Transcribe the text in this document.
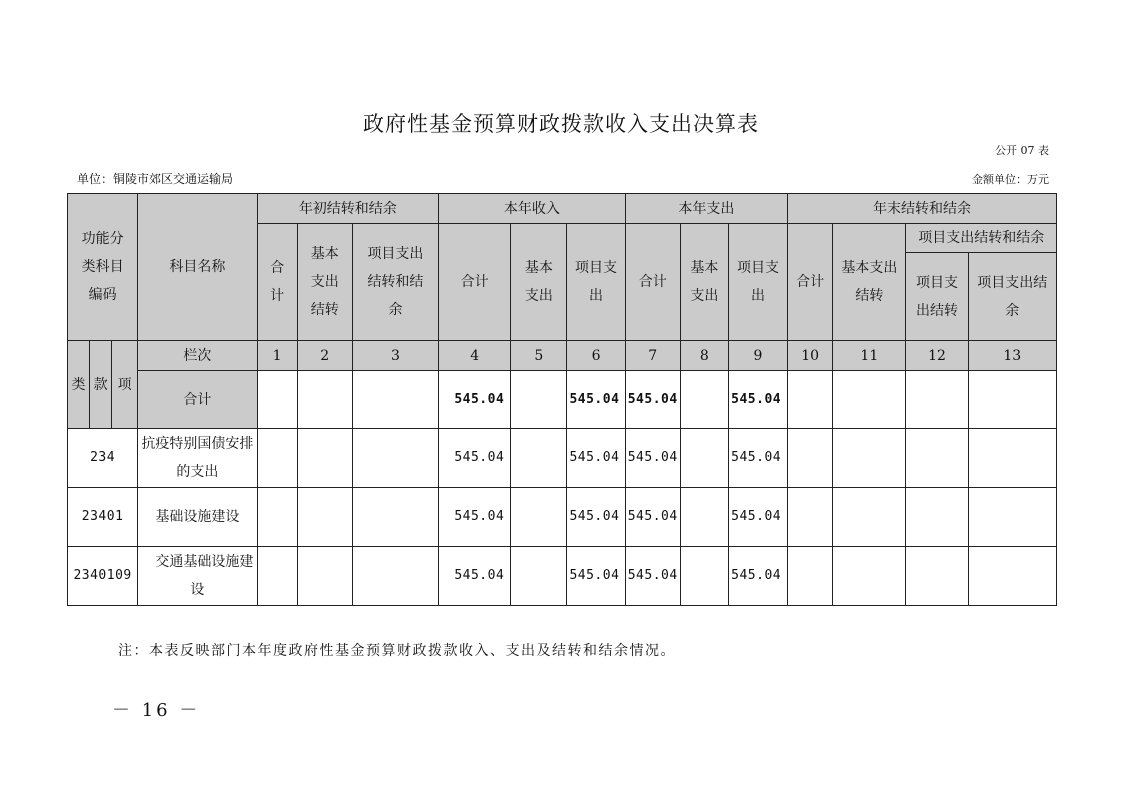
政府性基金预算财政拨款收入支出决算表
公开 07 表
单位：铜陵市郊区交通运输局	金额单位：万元
功能分类科目编码			科目名称	年初结转和结余			本年收入			本年支出			年末结转和结余			
				合计	基本支出结转	项目支出结转和结余	合计	基本支出	项目支出	合计	基本支出	项目支出	合计	基本支出结转	项目支出结转和结余	
															项目支出结转	项目支出结余

类	款	项	栏次	1	2	3	4	5	6	7	8	9	10	11	12	13
			合计				545.04		545.04	545.04		545.04				
234			抗疫特别国债安排的支出				545.04		545.04	545.04		545.04				
23401			基础设施建设				545.04		545.04	545.04		545.04				
2340109			交通基础设施建设				545.04		545.04	545.04		545.04				
注：本表反映部门本年度政府性基金预算财政拨款收入、支出及结转和结余情况。
－ 16 －
